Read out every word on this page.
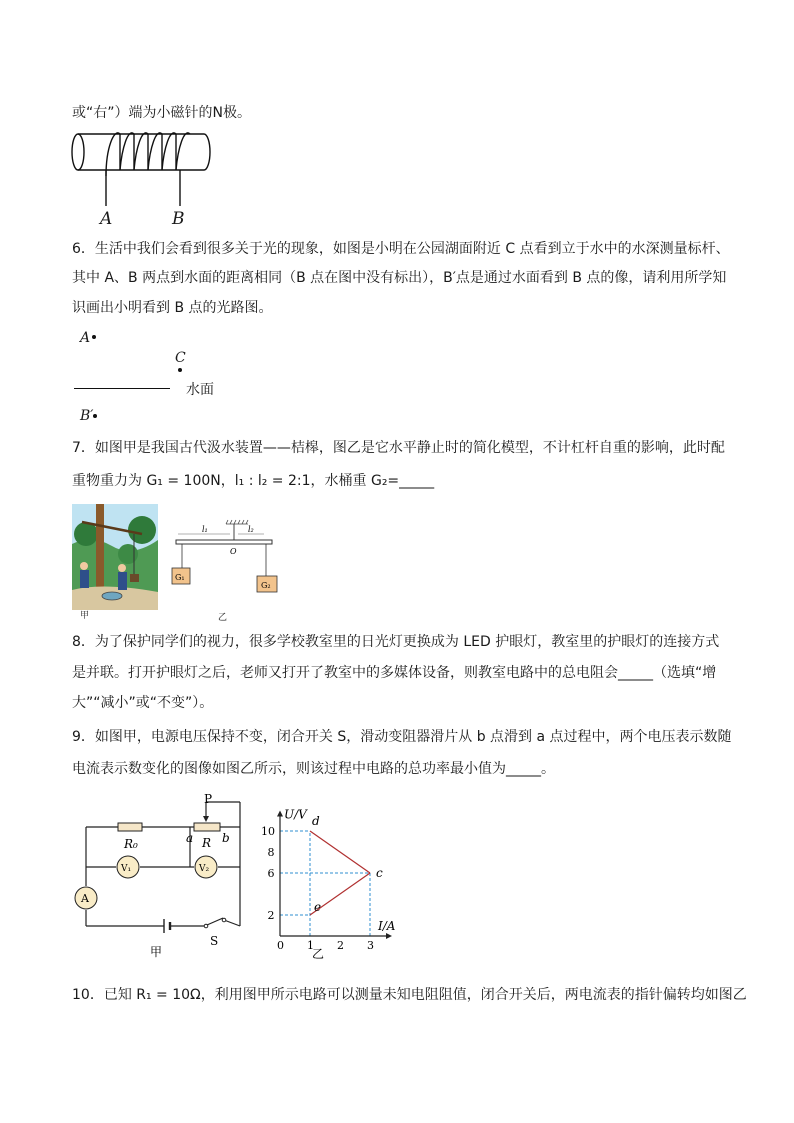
或“右”）端为小磁针的N极。
A	B
6．生活中我们会看到很多关于光的现象，如图是小明在公园湖面附近 C 点看到立于水中的水深测量标杆、
其中 A、B 两点到水面的距离相同（B 点在图中没有标出），B′点是通过水面看到 B 点的像，请利用所学知
识画出小明看到 B 点的光路图。
A
C
水面
B′
7．如图甲是我国古代汲水装置——桔槔，图乙是它水平静止时的简化模型，不计杠杆自重的影响，此时配
重物重力为 G₁ = 100N，l₁ : l₂ = 2:1，水桶重 G₂=_____
甲
l₁	l₂
O
G₁
G₂
乙
8．为了保护同学们的视力，很多学校教室里的日光灯更换成为 LED 护眼灯，教室里的护眼灯的连接方式
是并联。打开护眼灯之后，老师又打开了教室中的多媒体设备，则教室电路中的总电阻会_____（选填“增
大”“减小”或“不变”）。
9．如图甲，电源电压保持不变，闭合开关 S，滑动变阻器滑片从 b 点滑到 a 点过程中，两个电压表示数随
电流表示数变化的图像如图乙所示，则该过程中电路的总功率最小值为_____。
P
R₀	R
a b
V₁	V₂
A
S
甲
U/V
I/A
0 1 2 3
2
6
8
10
d
c
e
乙
10．已知 R₁ = 10Ω，利用图甲所示电路可以测量未知电阻阻值，闭合开关后，两电流表的指针偏转均如图乙
